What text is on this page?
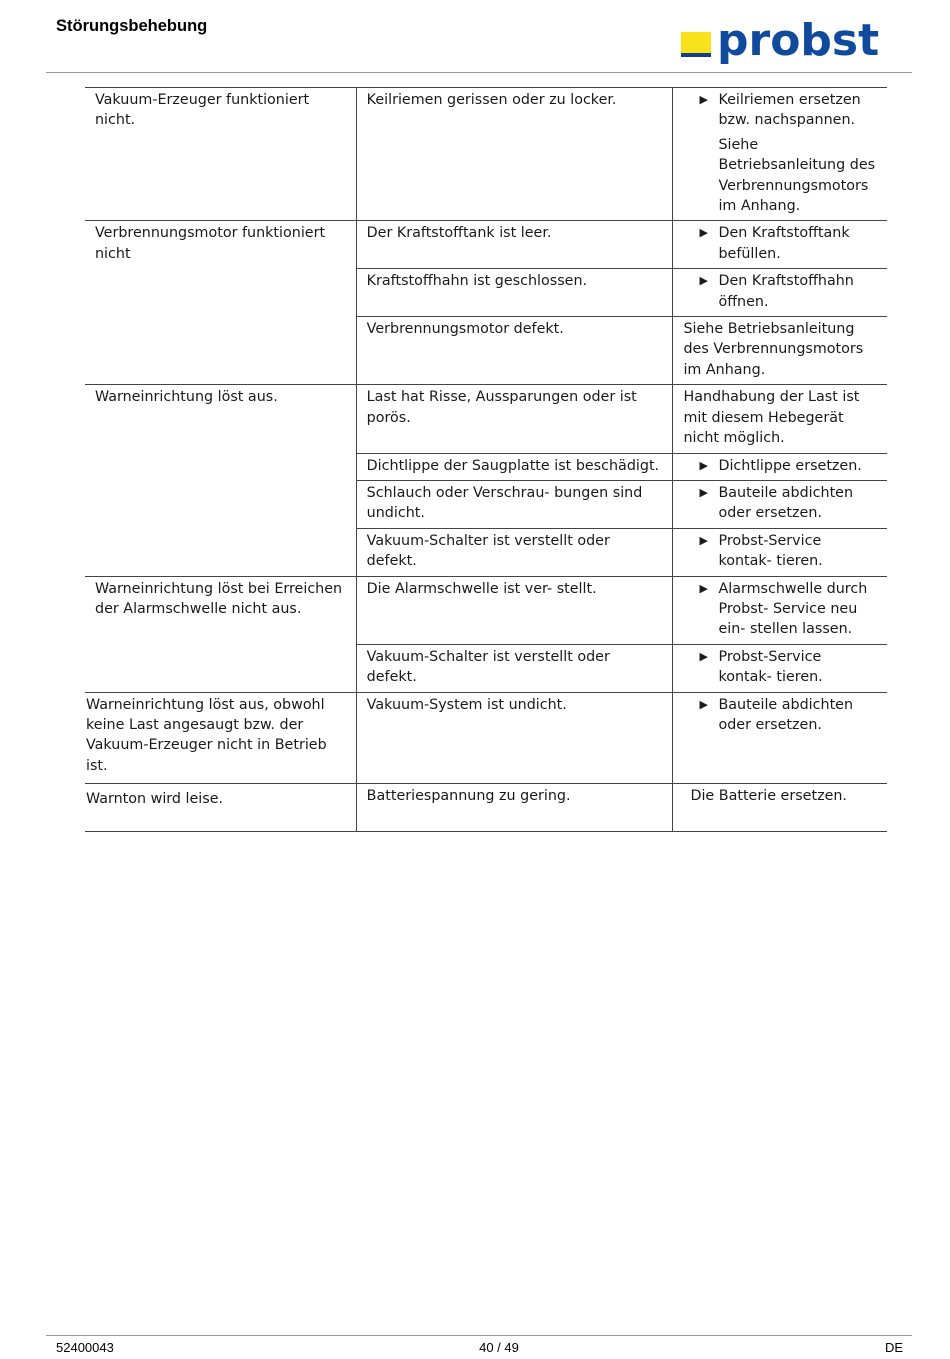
Störungsbehebung	probst
Vakuum-Erzeuger funktioniert nicht.	Keilriemen gerissen oder zu locker.	▶ Keilriemen ersetzen bzw. nachspannen.
Siehe Betriebsanleitung des Verbrennungsmotors im Anhang.

Verbrennungsmotor funktioniert nicht	Der Kraftstofftank ist leer.	▶ Den Kraftstofftank befüllen.

	Kraftstoffhahn ist geschlossen.	▶ Den Kraftstoffhahn öffnen.

	Verbrennungsmotor defekt.	Siehe Betriebsanleitung des Verbrennungsmotors im Anhang.
Warneinrichtung löst aus.	Last hat Risse, Aussparungen oder ist porös.	Handhabung der Last ist mit diesem Hebegerät nicht möglich.
	Dichtlippe der Saugplatte ist beschädigt.	▶ Dichtlippe ersetzen.

	Schlauch oder Verschrau- bungen sind undicht.	▶ Bauteile abdichten oder ersetzen.

	Vakuum-Schalter ist verstellt oder defekt.	▶ Probst-Service kontak- tieren.

Warneinrichtung löst bei Erreichen der Alarmschwelle nicht aus.	Die Alarmschwelle ist ver- stellt.	▶ Alarmschwelle durch Probst- Service neu ein- stellen lassen.

	Vakuum-Schalter ist verstellt oder defekt.	▶ Probst-Service kontak- tieren.

Warneinrichtung löst aus, obwohl keine Last angesaugt bzw. der Vakuum-Erzeuger nicht in Betrieb ist.	Vakuum-System ist undicht.	▶ Bauteile abdichten oder ersetzen.

Warnton wird leise.	Batteriespannung zu gering.	Die Batterie ersetzen.
52400043	40 / 49	DE
